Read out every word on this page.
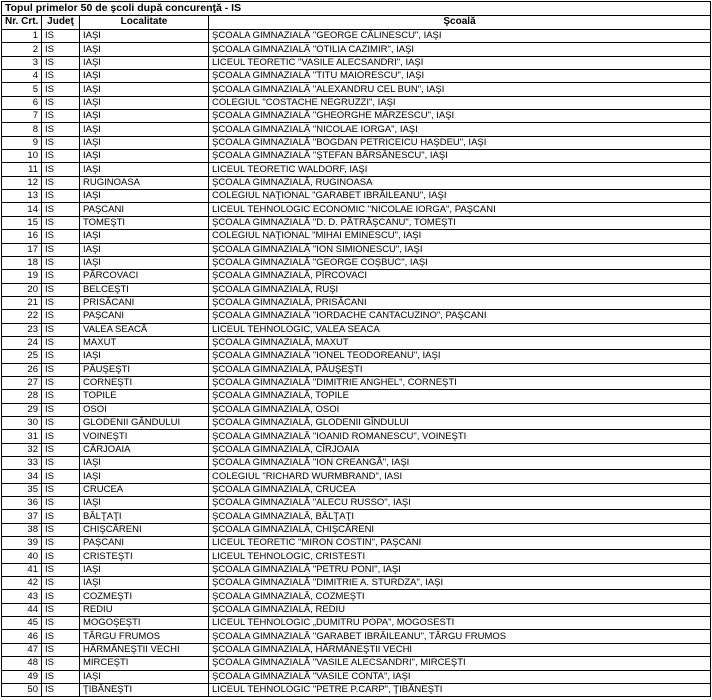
Topul primelor 50 de şcoli după concurenţă - IS			
Nr. Crt.	Judeţ	Localitate	Şcoală
1	IS	IAŞI	ŞCOALA GIMNAZIALĂ "GEORGE CĂLINESCU", IAŞI
2	IS	IAŞI	ŞCOALA GIMNAZIALĂ "OTILIA CAZIMIR", IAŞI
3	IS	IAŞI	LICEUL TEORETIC "VASILE ALECSANDRI", IAŞI
4	IS	IAŞI	ŞCOALA GIMNAZIALĂ "TITU MAIORESCU", IAŞI
5	IS	IAŞI	ŞCOALA GIMNAZIALĂ "ALEXANDRU CEL BUN", IAŞI
6	IS	IAŞI	COLEGIUL "COSTACHE NEGRUZZI", IAŞI
7	IS	IAŞI	ŞCOALA GIMNAZIALĂ "GHEORGHE MÂRZESCU", IAŞI
8	IS	IAŞI	ŞCOALA GIMNAZIALĂ "NICOLAE IORGA", IAŞI
9	IS	IAŞI	ŞCOALA GIMNAZIALĂ "BOGDAN PETRICEICU HAŞDEU", IAŞI
10	IS	IAŞI	ŞCOALA GIMNAZIALĂ "ŞTEFAN BÂRSĂNESCU", IAŞI
11	IS	IAŞI	LICEUL TEORETIC WALDORF, IAŞI
12	IS	RUGINOASA	ŞCOALA GIMNAZIALĂ, RUGINOASA
13	IS	IAŞI	COLEGIUL NAŢIONAL "GARABET IBRĂILEANU", IAŞI
14	IS	PAŞCANI	LICEUL TEHNOLOGIC ECONOMIC "NICOLAE IORGA", PAŞCANI
15	IS	TOMEŞTI	ŞCOALA GIMNAZIALĂ "D. D. PĂTRĂŞCANU", TOMEŞTI
16	IS	IAŞI	COLEGIUL NAŢIONAL "MIHAI EMINESCU", IAŞI
17	IS	IAŞI	ŞCOALA GIMNAZIALĂ "ION SIMIONESCU", IAŞI
18	IS	IAŞI	ŞCOALA GIMNAZIALĂ "GEORGE COŞBUC", IAŞI
19	IS	PÂRCOVACI	ŞCOALA GIMNAZIALĂ, PÎRCOVACI
20	IS	BELCEŞTI	ŞCOALA GIMNAZIALĂ, RUŞI
21	IS	PRISĂCANI	ŞCOALA GIMNAZIALĂ, PRISĂCANI
22	IS	PAŞCANI	ŞCOALA GIMNAZIALĂ "IORDACHE CANTACUZINO", PAŞCANI
23	IS	VALEA SEACĂ	LICEUL TEHNOLOGIC, VALEA SEACA
24	IS	MAXUT	ŞCOALA GIMNAZIALĂ, MAXUT
25	IS	IAŞI	ŞCOALA GIMNAZIALĂ "IONEL TEODOREANU", IAŞI
26	IS	PĂUŞEŞTI	ŞCOALA GIMNAZIALĂ, PĂUŞEŞTI
27	IS	CORNEŞTI	ŞCOALA GIMNAZIALĂ "DIMITRIE ANGHEL", CORNEŞTI
28	IS	TOPILE	ŞCOALA GIMNAZIALĂ, TOPILE
29	IS	OSOI	ŞCOALA GIMNAZIALĂ, OSOI
30	IS	GLODENII GÂNDULUI	ŞCOALA GIMNAZIALĂ, GLODENII GÎNDULUI
31	IS	VOINEŞTI	ŞCOALA GIMNAZIALĂ "IOANID ROMANESCU", VOINEŞTI
32	IS	CÂRJOAIA	ŞCOALA GIMNAZIALĂ, CÎRJOAIA
33	IS	IAŞI	ŞCOALA GIMNAZIALĂ "ION CREANGĂ", IAŞI
34	IS	IAŞI	COLEGIUL "RICHARD WURMBRAND", IASI
35	IS	CRUCEA	ŞCOALA GIMNAZIALĂ, CRUCEA
36	IS	IAŞI	ŞCOALA GIMNAZIALĂ "ALECU RUSSO", IAŞI
37	IS	BĂLŢAŢI	ŞCOALA GIMNAZIALĂ, BĂLŢAŢI
38	IS	CHIŞCĂRENI	ŞCOALA GIMNAZIALĂ, CHIŞCĂRENI
39	IS	PAŞCANI	LICEUL TEORETIC "MIRON COSTIN", PAŞCANI
40	IS	CRISTEŞTI	LICEUL TEHNOLOGIC, CRISTESTI
41	IS	IAŞI	ŞCOALA GIMNAZIALĂ "PETRU PONI", IAŞI
42	IS	IAŞI	ŞCOALA GIMNAZIALĂ "DIMITRIE A. STURDZA", IAŞI
43	IS	COZMEŞTI	ŞCOALA GIMNAZIALĂ, COZMEŞTI
44	IS	REDIU	ŞCOALA GIMNAZIALĂ, REDIU
45	IS	MOGOŞEŞTI	LICEUL TEHNOLOGIC „DUMITRU POPA", MOGOSESTI
46	IS	TÂRGU FRUMOS	ŞCOALA GIMNAZIALĂ "GARABET IBRĂILEANU", TÂRGU FRUMOS
47	IS	HĂRMĂNEŞTII VECHI	ŞCOALA GIMNAZIALĂ, HĂRMĂNEŞTII VECHI
48	IS	MIRCEŞTI	ŞCOALA GIMNAZIALĂ "VASILE ALECSANDRI", MIRCEŞTI
49	IS	IAŞI	ŞCOALA GIMNAZIALĂ "VASILE CONTA", IAŞI
50	IS	ŢIBĂNEŞTI	LICEUL TEHNOLOGIC "PETRE P.CARP", ŢIBĂNEŞTI
